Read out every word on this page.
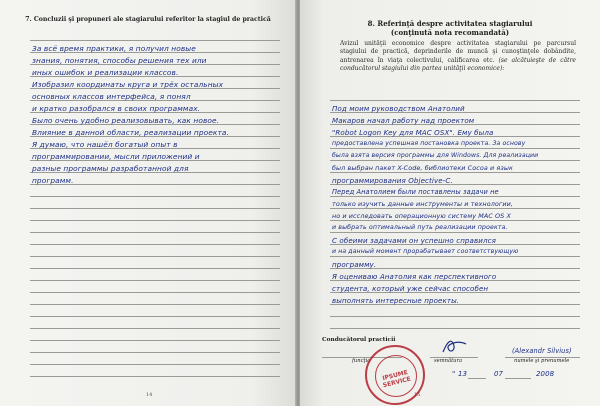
7. Concluzii şi propuneri ale stagiarului referitor la stagiul de practică
За всё время практики, я получил новые
знания, понятия, способы решения тех или
иных ошибок и реализации классов.
Изобразил координаты круга и трёх остальных
основных классов интерфейса, я понял
и кратко разобрался в своих программах.
Было очень удобно реализовывать, как новое.
Влияние в данной области, реализации проекта.
Я думаю, что нашёл богатый опыт в
программировании, мысли приложений и
разные программы разработанной для
программ.
14
8. Referinţă despre activitatea stagiarului
(conţinută nota recomandată)
Avizul unităţii economice despre activitatea stagiarului pe parcursul stagiului de practică, deprinderile de muncă şi cunoştinţele dobândite, antrenarea în viaţa colectivului, calificarea etc. (se alcătuieşte de către conducătorul stagiului din partea unităţii economice):
Под моим руководством Анатолий
Макаров начал работу над проектом
"Robot Logon Key для MAC OSX". Ему была
предоставлена успешная постановка проекта. За основу
была взята версия программы для Windows. Для реализации
был выбран пакет X-Code, библиотеки Cocoa и язык
программирования Objective-C.
Перед Анатолием были поставлены задачи не
только изучить данные инструменты и технологии,
но и исследовать операционную систему MAC OS X
и выбрать оптимальный путь реализации проекта.
С обеими задачами он успешно справился
и на данный момент прорабатывает соответствующую
программу.
Я оцениваю Анатолия как перспективного
студента, который уже сейчас способен
выполнять интересные проекты.
Conducătorul practicii
funcţia	semnătura
(Alexandr Silvius)
numele şi prenumele
" 13	07	2008
15
IPSUME SERVICE
